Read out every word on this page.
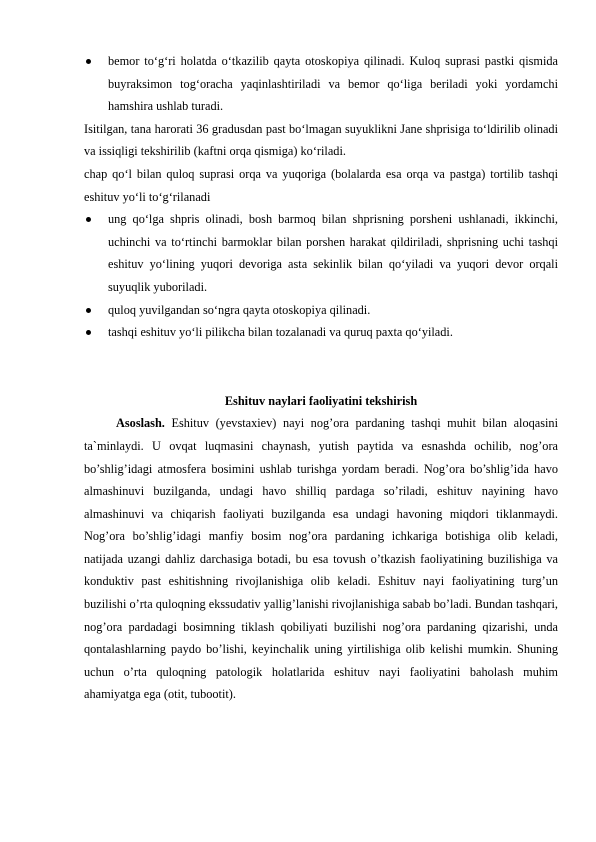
bemor to‘g‘ri holatda o‘tkazilib qayta otoskopiya qilinadi. Kuloq suprasi pastki qismida buyraksimon tog‘oracha yaqinlashtiriladi va bemor qo‘liga beriladi yoki yordamchi hamshira ushlab turadi.
Isitilgan, tana harorati 36 gradusdan past bo‘lmagan suyuklikni Jane shprisiga to‘ldirilib olinadi va issiqligi tekshirilib (kaftni orqa qismiga) ko‘riladi.
chap qo‘l bilan quloq suprasi orqa va yuqoriga (bolalarda esa orqa va pastga) tortilib tashqi eshituv yo‘li to‘g‘rilanadi
ung qo‘lga shpris olinadi, bosh barmoq bilan shprisning porsheni ushlanadi, ikkinchi, uchinchi va to‘rtinchi barmoklar bilan porshen harakat qildiriladi, shprisning uchi tashqi eshituv yo‘lining yuqori devoriga asta sekinlik bilan qo‘yiladi va yuqori devor orqali suyuqlik yuboriladi.
quloq yuvilgandan so‘ngra qayta otoskopiya qilinadi.
tashqi eshituv yo‘li pilikcha bilan tozalanadi va quruq paxta qo‘yiladi.
Eshituv naylari faoliyatini tekshirish
Asoslash. Eshituv (yevstaxiev) nayi nog’ora pardaning tashqi muhit bilan aloqasini ta`minlaydi. U ovqat luqmasini chaynash, yutish paytida va esnashda ochilib, nog’ora bo’shlig’idagi atmosfera bosimini ushlab turishga yordam beradi. Nog’ora bo’shlig’ida havo almashinuvi buzilganda, undagi havo shilliq pardaga so’riladi, eshituv nayining havo almashinuvi va chiqarish faoliyati buzilganda esa undagi havoning miqdori tiklanmaydi. Nog’ora bo’shlig’idagi manfiy bosim nog’ora pardaning ichkariga botishiga olib keladi, natijada uzangi dahliz darchasiga botadi, bu esa tovush o’tkazish faoliyatining buzilishiga va konduktiv past eshitishning rivojlanishiga olib keladi. Eshituv nayi faoliyatining turg’un buzilishi o’rta quloqning ekssudativ yallig’lanishi rivojlanishiga sabab bo’ladi. Bundan tashqari, nog’ora pardadagi bosimning tiklash qobiliyati buzilishi nog’ora pardaning qizarishi, unda qontalashlarning paydo bo’lishi, keyinchalik uning yirtilishiga olib kelishi mumkin. Shuning uchun o’rta quloqning patologik holatlarida eshituv nayi faoliyatini baholash muhim ahamiyatga ega (otit, tubootit).
